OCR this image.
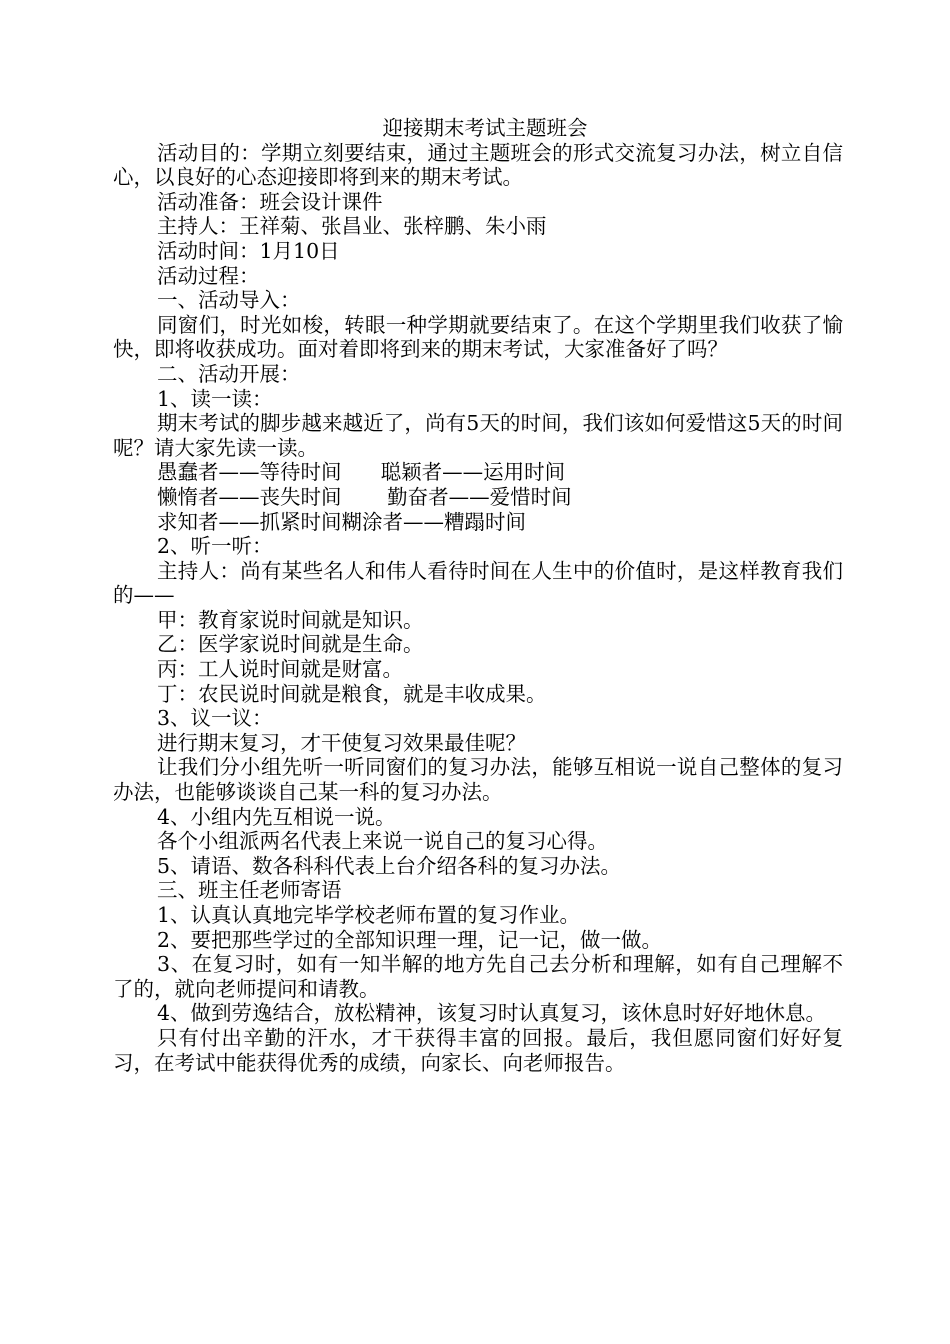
迎接期末考试主题班会

活动目的：学期立刻要结束，通过主题班会的形式交流复习办法，树立自信心，以良好的心态迎接即将到来的期末考试。

活动准备：班会设计课件

主持人：王祥菊、张昌业、张梓鹏、朱小雨

活动时间：1月10日

活动过程：

一、活动导入：

同窗们，时光如梭，转眼一种学期就要结束了。在这个学期里我们收获了愉快，即将收获成功。面对着即将到来的期末考试，大家准备好了吗？

二、活动开展：

1、读一读：

期末考试的脚步越来越近了，尚有5天的时间，我们该如何爱惜这5天的时间呢？请大家先读一读。

愚蠢者——等待时间      聪颖者——运用时间

懒惰者——丧失时间       勤奋者——爱惜时间

求知者——抓紧时间糊涂者——糟蹋时间

2、听一听：

主持人：尚有某些名人和伟人看待时间在人生中的价值时，是这样教育我们的——

甲：教育家说时间就是知识。

乙：医学家说时间就是生命。

丙：工人说时间就是财富。

丁：农民说时间就是粮食，就是丰收成果。

3、议一议：

进行期末复习，才干使复习效果最佳呢？

让我们分小组先听一听同窗们的复习办法，能够互相说一说自己整体的复习办法，也能够谈谈自己某一科的复习办法。

4、小组内先互相说一说。

各个小组派两名代表上来说一说自己的复习心得。

5、请语、数各科科代表上台介绍各科的复习办法。

三、班主任老师寄语

1、认真认真地完毕学校老师布置的复习作业。

2、要把那些学过的全部知识理一理，记一记，做一做。

3、在复习时，如有一知半解的地方先自己去分析和理解，如有自己理解不了的，就向老师提问和请教。

4、做到劳逸结合，放松精神，该复习时认真复习，该休息时好好地休息。

只有付出辛勤的汗水，才干获得丰富的回报。最后，我但愿同窗们好好复习，在考试中能获得优秀的成绩，向家长、向老师报告。
